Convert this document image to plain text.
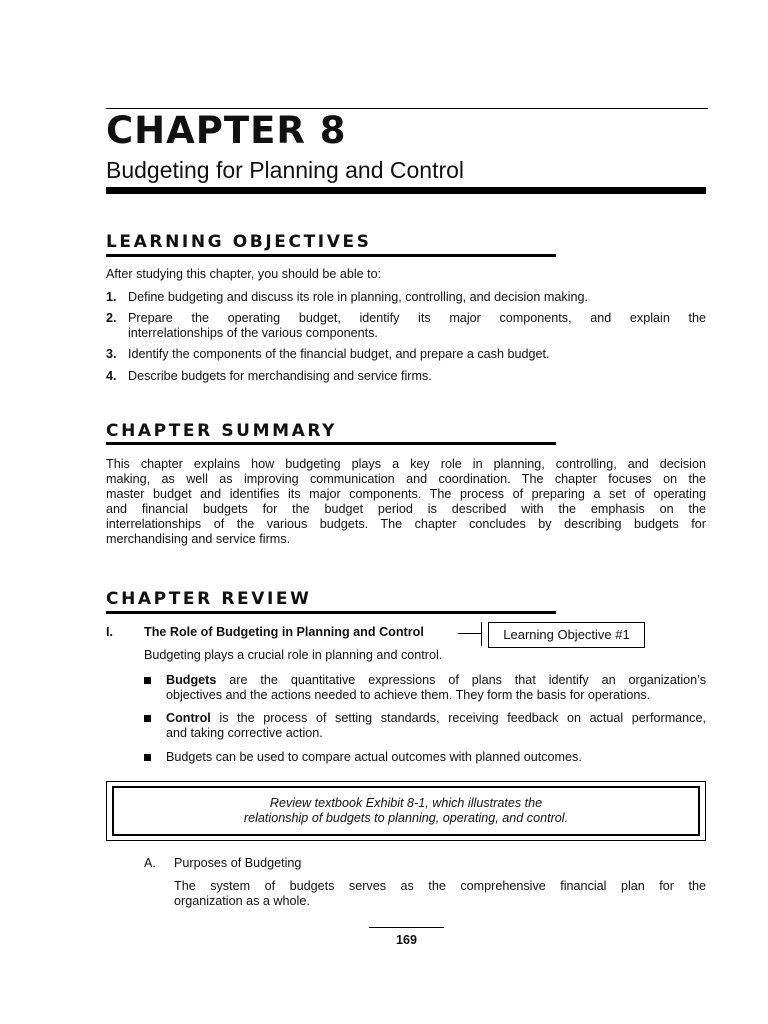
CHAPTER 8
Budgeting for Planning and Control
LEARNING OBJECTIVES
After studying this chapter, you should be able to:
1. Define budgeting and discuss its role in planning, controlling, and decision making.
2. Prepare the operating budget, identify its major components, and explain the
interrelationships of the various components.
3. Identify the components of the financial budget, and prepare a cash budget.
4. Describe budgets for merchandising and service firms.
CHAPTER SUMMARY
This chapter explains how budgeting plays a key role in planning, controlling, and decision
making, as well as improving communication and coordination. The chapter focuses on the
master budget and identifies its major components. The process of preparing a set of operating
and financial budgets for the budget period is described with the emphasis on the
interrelationships of the various budgets. The chapter concludes by describing budgets for
merchandising and service firms.
CHAPTER REVIEW
I. The Role of Budgeting in Planning and Control	Learning Objective #1
Budgeting plays a crucial role in planning and control.
Budgets are the quantitative expressions of plans that identify an organization’s
objectives and the actions needed to achieve them. They form the basis for operations.
Control is the process of setting standards, receiving feedback on actual performance,
and taking corrective action.
Budgets can be used to compare actual outcomes with planned outcomes.
Review textbook Exhibit 8-1, which illustrates the
relationship of budgets to planning, operating, and control.
A. Purposes of Budgeting
The system of budgets serves as the comprehensive financial plan for the
organization as a whole.
169
